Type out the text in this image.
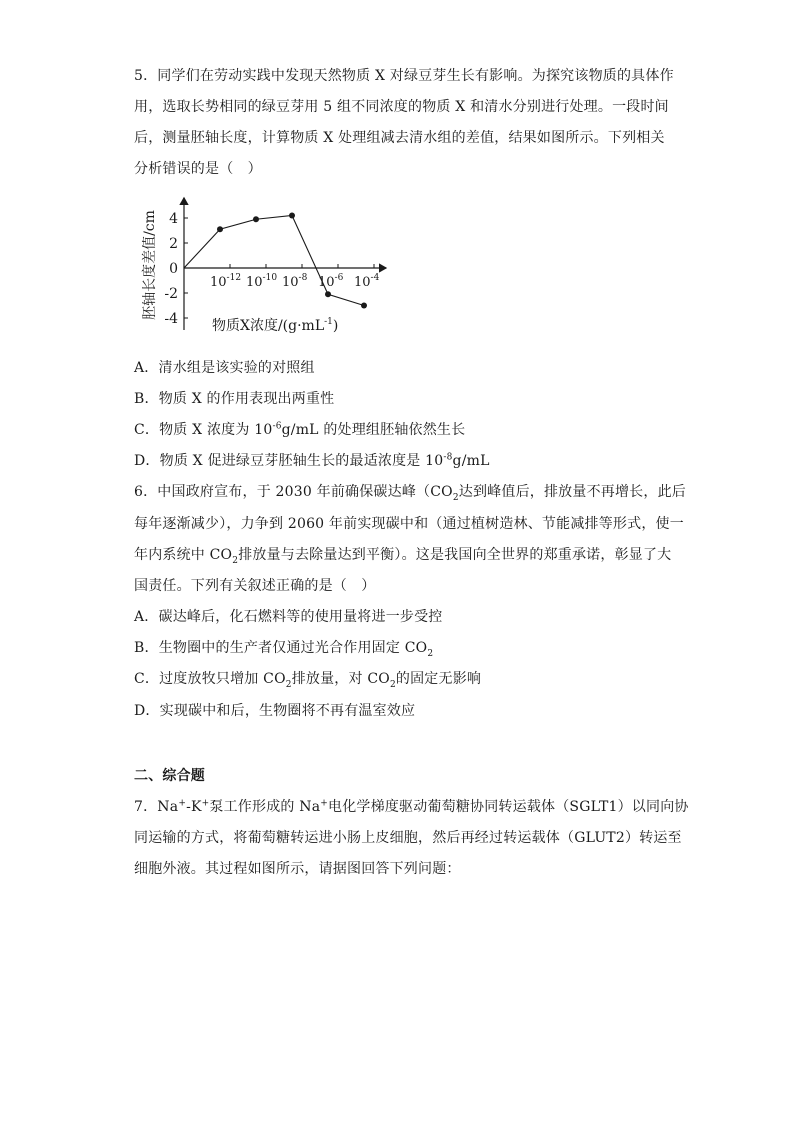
5．同学们在劳动实践中发现天然物质 X 对绿豆芽生长有影响。为探究该物质的具体作
用，选取长势相同的绿豆芽用 5 组不同浓度的物质 X 和清水分别进行处理。一段时间
后，测量胚轴长度，计算物质 X 处理组减去清水组的差值，结果如图所示。下列相关
分析错误的是（　）
胚轴长度差值/cm 4
2
0
-2
-4
$10^{-12}$ $10^{-10}$ $10^{-8}$ $10^{-6}$ $10^{-4}$
物质X浓度$/(g\cdot mL^{-1})$
A．清水组是该实验的对照组
B．物质 X 的作用表现出两重性
C．物质 X 浓度为 $10^{-6}g/mL$ 的处理组胚轴依然生长
D．物质 X 促进绿豆芽胚轴生长的最适浓度是 $10^{-8}g/mL$
6．中国政府宣布，于 2030 年前确保碳达峰（$CO_2$达到峰值后，排放量不再增长，此后
每年逐渐减少），力争到 2060 年前实现碳中和（通过植树造林、节能减排等形式，使一
年内系统中 $CO_2$排放量与去除量达到平衡）。这是我国向全世界的郑重承诺，彰显了大
国责任。下列有关叙述正确的是（　）
A．碳达峰后，化石燃料等的使用量将进一步受控
B．生物圈中的生产者仅通过光合作用固定 $CO_2$
C．过度放牧只增加 $CO_2$排放量，对 $CO_2$的固定无影响
D．实现碳中和后，生物圈将不再有温室效应
二、综合题
7．Na+-K+泵工作形成的 Na+电化学梯度驱动葡萄糖协同转运载体（SGLT1）以同向协
同运输的方式，将葡萄糖转运进小肠上皮细胞，然后再经过转运载体（GLUT2）转运至
细胞外液。其过程如图所示，请据图回答下列问题：
